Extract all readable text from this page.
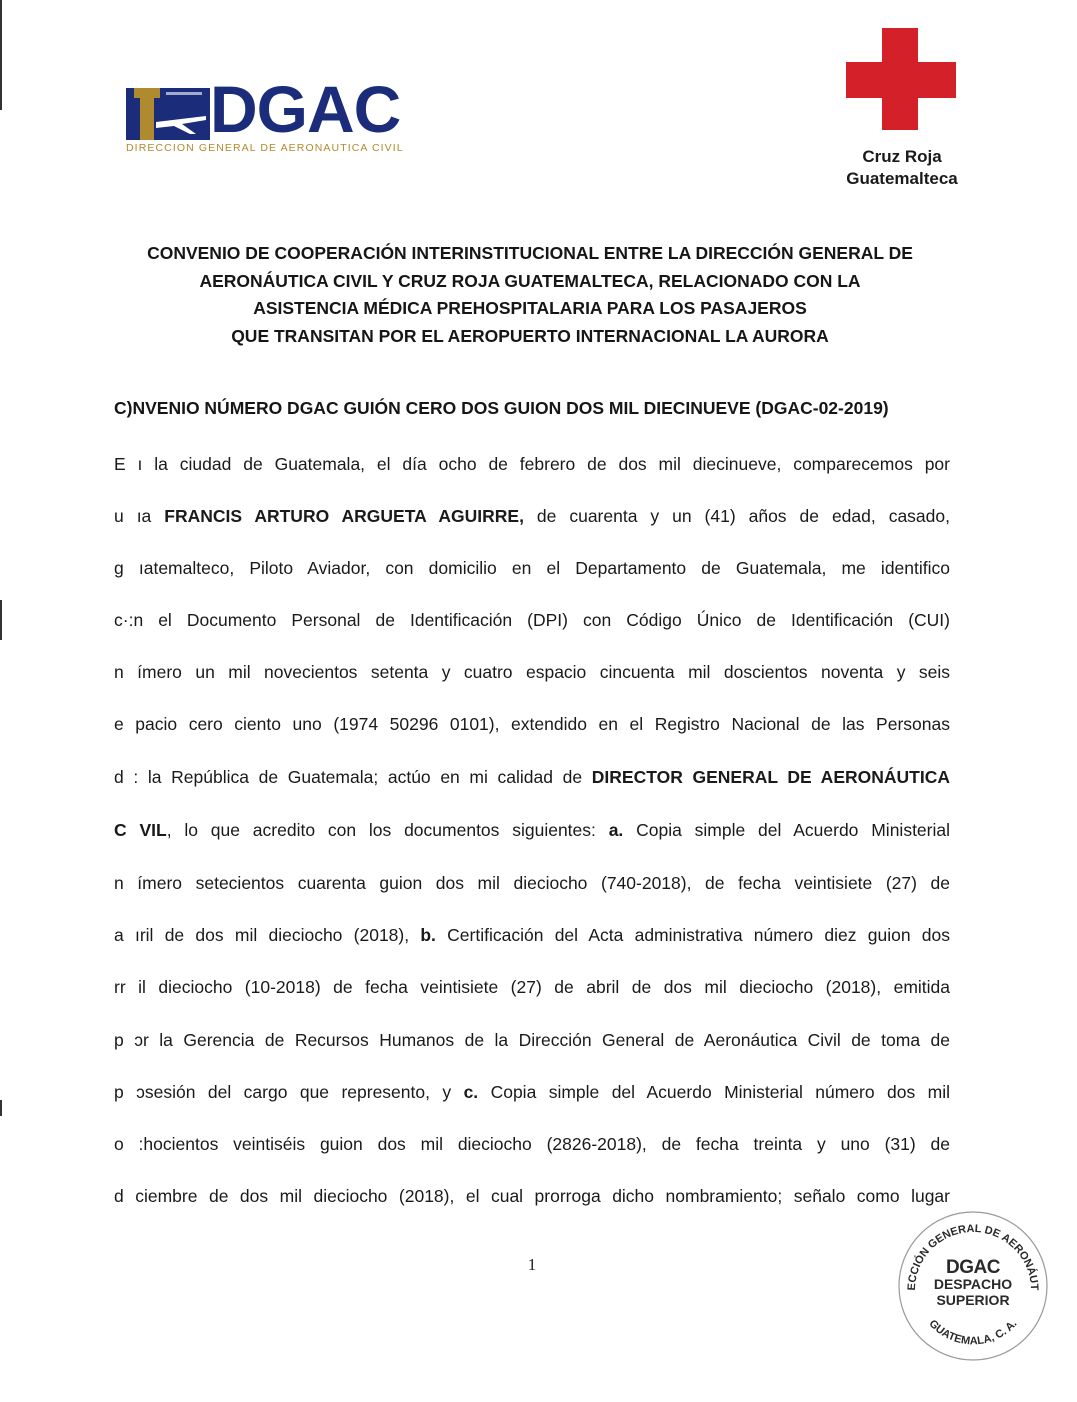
DGAC
DIRECCION GENERAL DE AERONAUTICA CIVIL	Cruz Roja
Guatemalteca
CONVENIO DE COOPERACIÓN INTERINSTITUCIONAL ENTRE LA DIRECCIÓN GENERAL DE
AERONÁUTICA CIVIL Y CRUZ ROJA GUATEMALTECA, RELACIONADO CON LA
ASISTENCIA MÉDICA PREHOSPITALARIA PARA LOS PASAJEROS
QUE TRANSITAN POR EL AEROPUERTO INTERNACIONAL LA AURORA
C)NVENIO NÚMERO DGAC GUIÓN CERO DOS GUION DOS MIL DIECINUEVE (DGAC-02-2019)
E ı la ciudad de Guatemala, el día ocho de febrero de dos mil diecinueve, comparecemos por
u ıa FRANCIS ARTURO ARGUETA AGUIRRE, de cuarenta y un (41) años de edad, casado,
g ıatemalteco, Piloto Aviador, con domicilio en el Departamento de Guatemala, me identifico
c·:n el Documento Personal de Identificación (DPI) con Código Único de Identificación (CUI)
n ímero un mil novecientos setenta y cuatro espacio cincuenta mil doscientos noventa y seis
e pacio cero ciento uno (1974 50296 0101), extendido en el Registro Nacional de las Personas
d : la República de Guatemala; actúo en mi calidad de DIRECTOR GENERAL DE AERONÁUTICA
C VIL, lo que acredito con los documentos siguientes: a. Copia simple del Acuerdo Ministerial
n ímero setecientos cuarenta guion dos mil dieciocho (740-2018), de fecha veintisiete (27) de
a ıril de dos mil dieciocho (2018), b. Certificación del Acta administrativa número diez guion dos
rr il dieciocho (10-2018) de fecha veintisiete (27) de abril de dos mil dieciocho (2018), emitida
p ɔr la Gerencia de Recursos Humanos de la Dirección General de Aeronáutica Civil de toma de
p ɔsesión del cargo que represento, y c. Copia simple del Acuerdo Ministerial número dos mil
o :hocientos veintiséis guion dos mil dieciocho (2826-2018), de fecha treinta y uno (31) de
d ciembre de dos mil dieciocho (2018), el cual prorroga dicho nombramiento; señalo como lugar
1
ECCIÓN GENERAL DE AERONÁUT
GUATEMALA, C. A.
DGAC
DESPACHO
SUPERIOR
